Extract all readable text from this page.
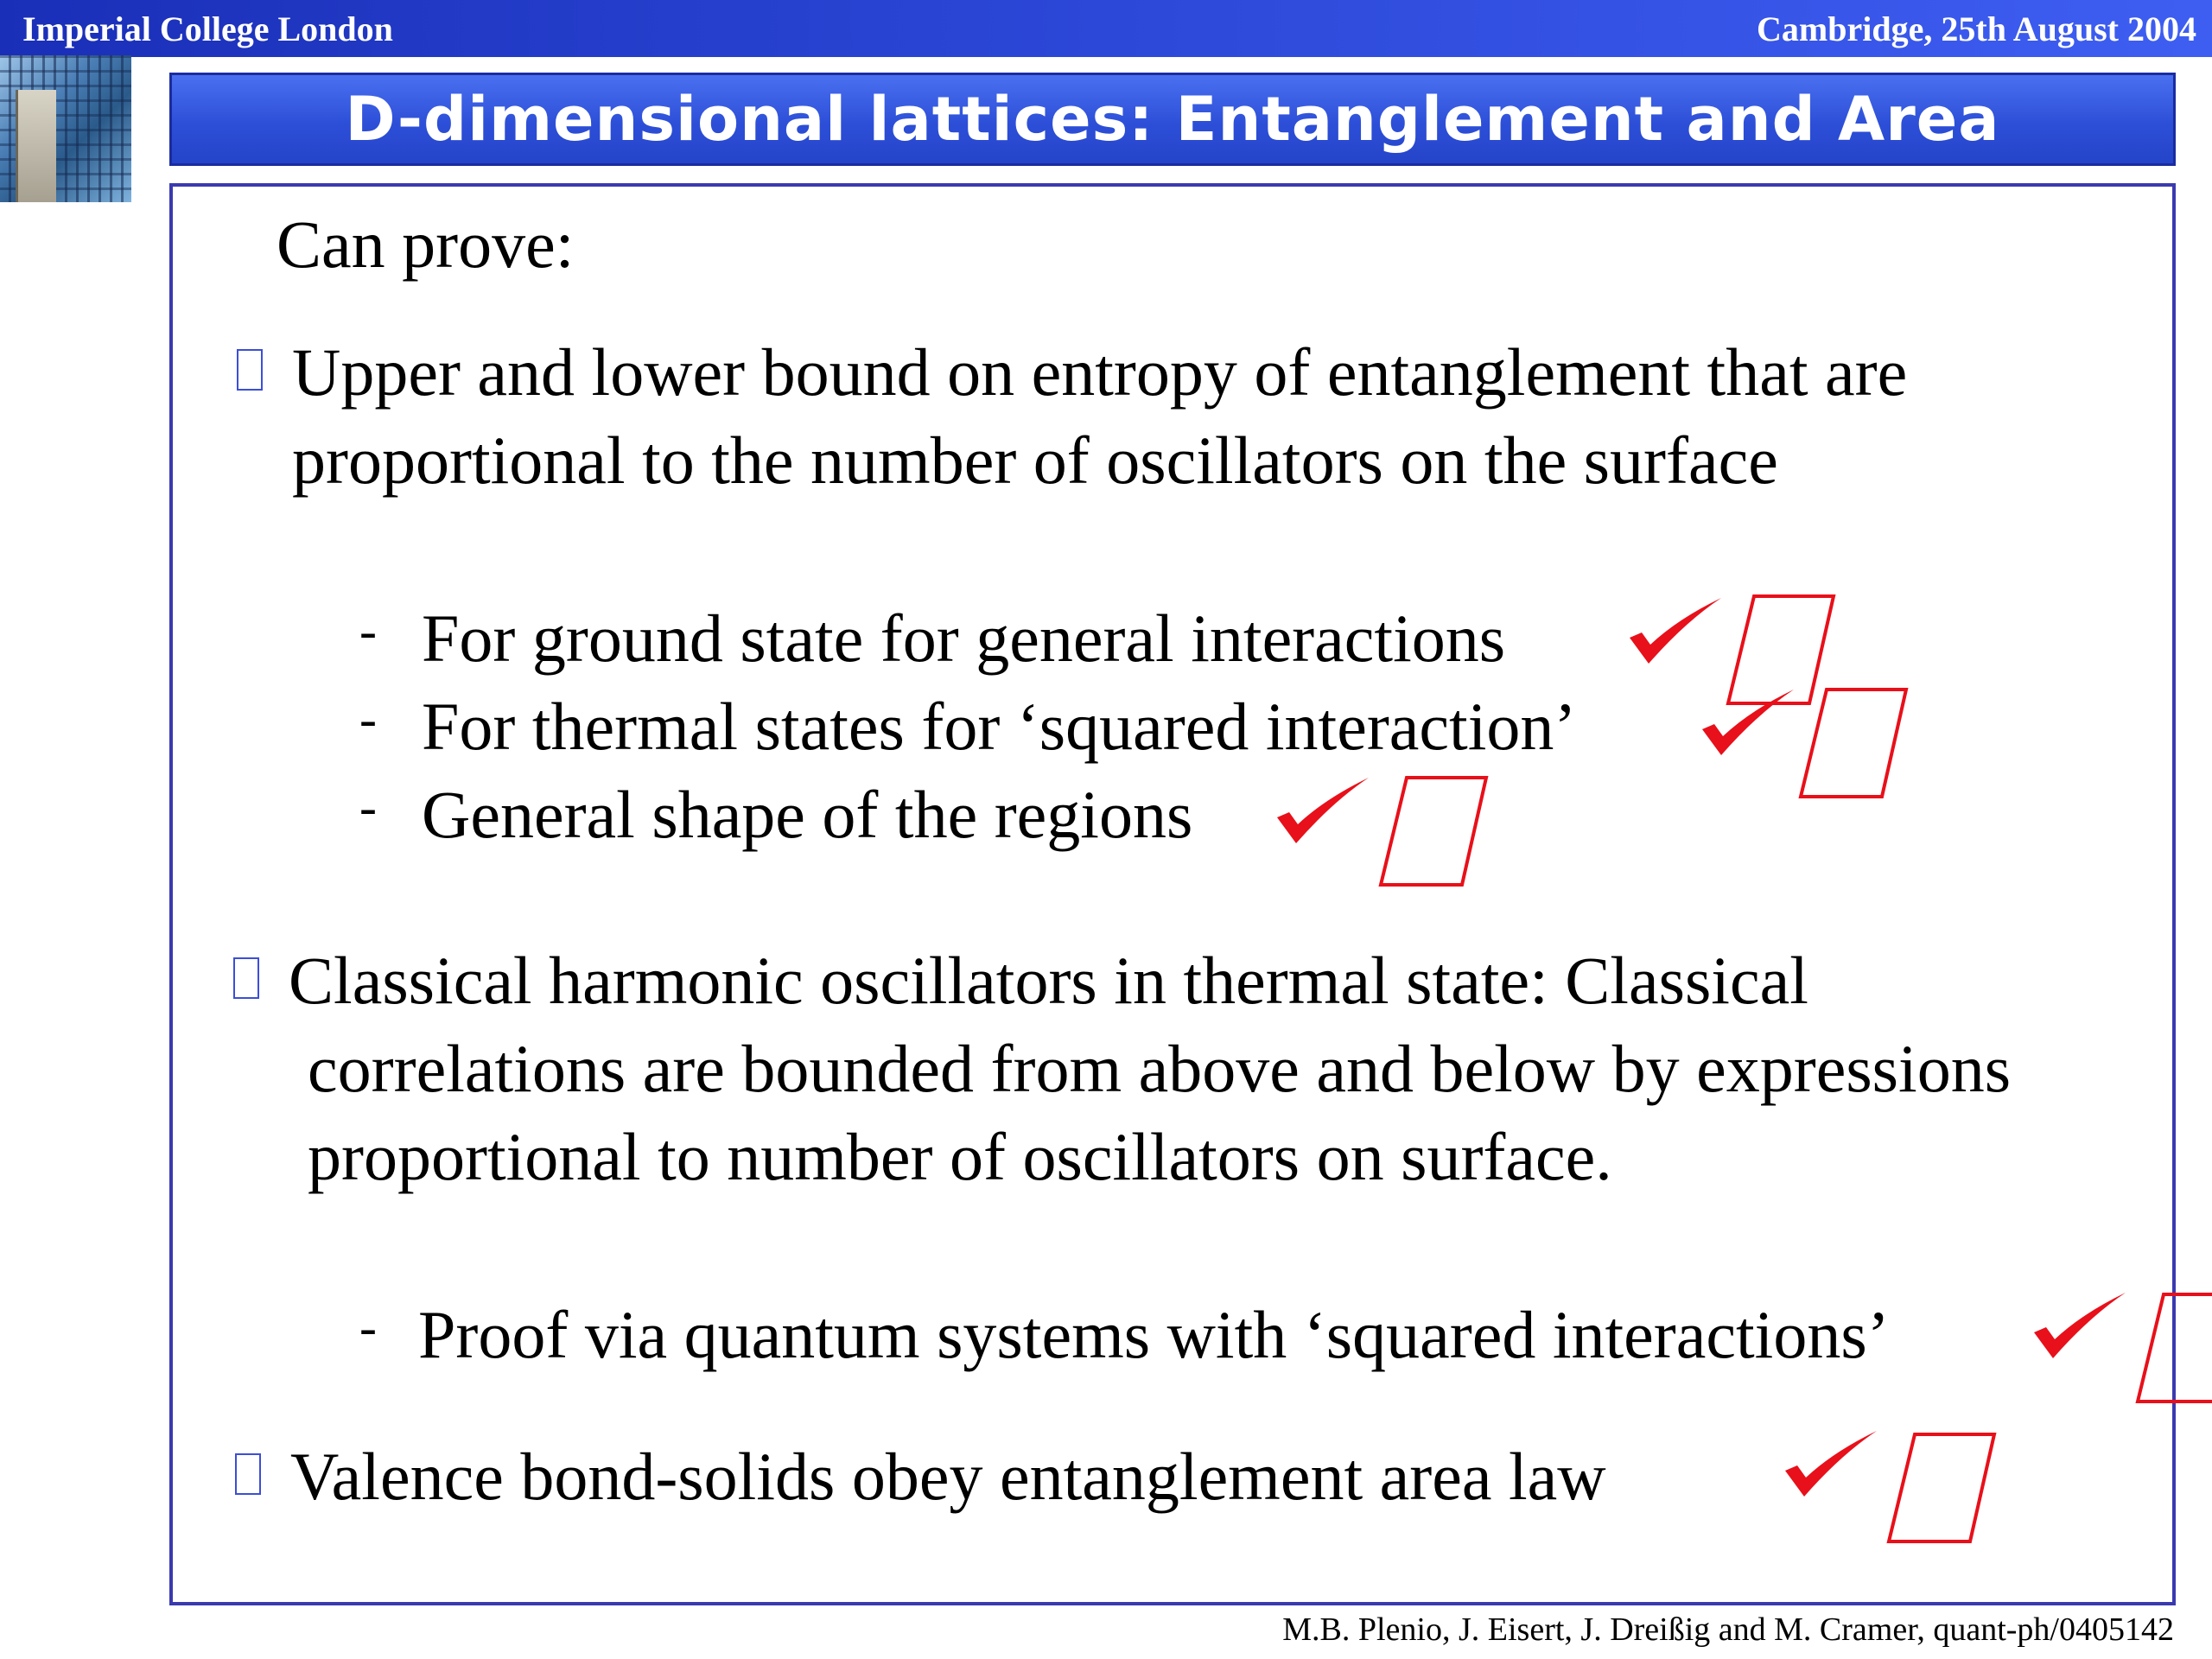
Imperial College London	Cambridge, 25th August 2004
D-dimensional lattices: Entanglement and Area
Can prove:
Upper and lower bound on entropy of entanglement that are
proportional to the number of oscillators on the surface
- For ground state for general interactions
- For thermal states for ‘squared interaction’
- General shape of the regions
Classical harmonic oscillators in thermal state: Classical
correlations are bounded from above and below by expressions
proportional to number of oscillators on surface.
- Proof via quantum systems with ‘squared interactions’
Valence bond-solids obey entanglement area law
M.B. Plenio, J. Eisert, J. Dreißig and M. Cramer, quant-ph/0405142
